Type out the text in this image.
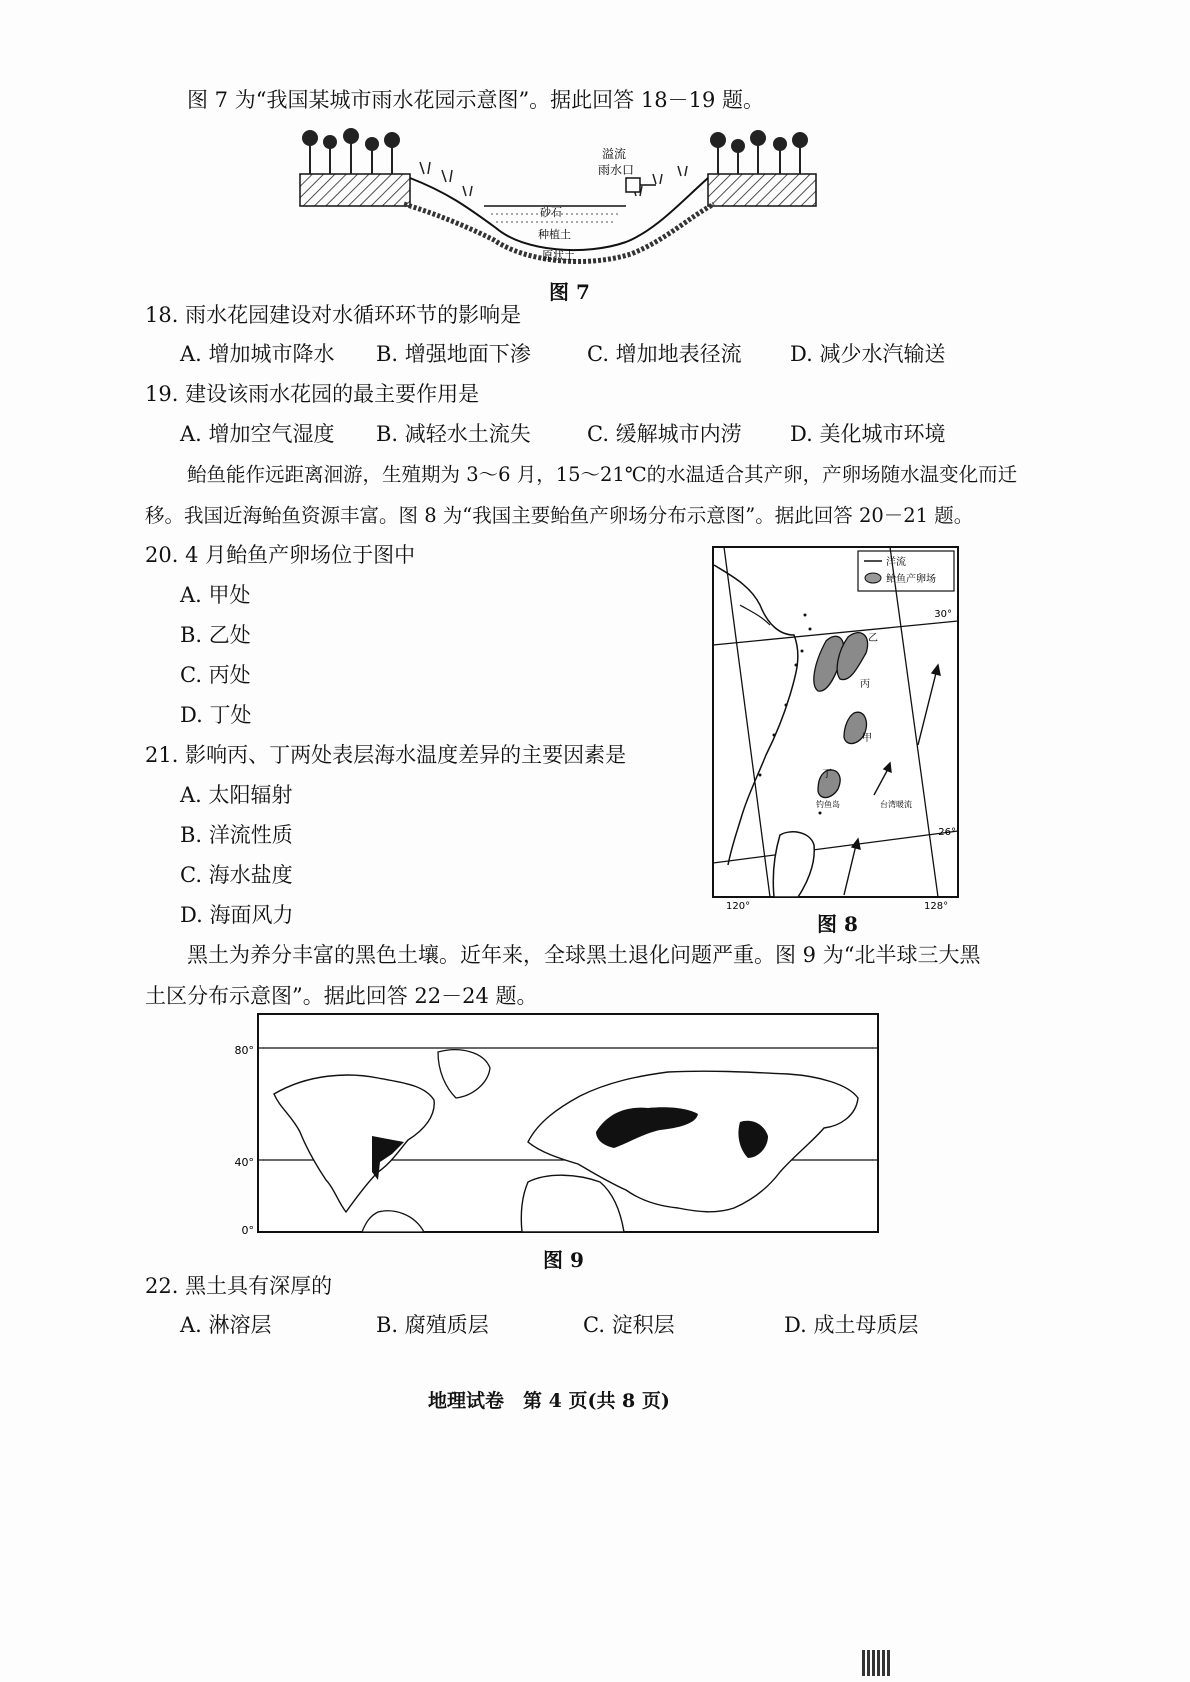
图 7 为“我国某城市雨水花园示意图”。据此回答 18－19 题。
溢流
雨水口
砂石
种植土
原状土
图 7
18. 雨水花园建设对水循环环节的影响是
A. 增加城市降水 B. 增强地面下渗	C. 增加地表径流 D. 减少水汽输送
19. 建设该雨水花园的最主要作用是
A. 增加空气湿度 B. 减轻水土流失	C. 缓解城市内涝 D. 美化城市环境
鲐鱼能作远距离洄游，生殖期为 3～6 月，15～21℃的水温适合其产卵，产卵场随水温变化而迁
移。我国近海鲐鱼资源丰富。图 8 为“我国主要鲐鱼产卵场分布示意图”。据此回答 20－21 题。
20. 4 月鲐鱼产卵场位于图中
A. 甲处
B. 乙处
C. 丙处
D. 丁处
21. 影响丙、丁两处表层海水温度差异的主要因素是
A. 太阳辐射
B. 洋流性质
C. 海水盐度
D. 海面风力
洋流
鲐鱼产卵场
30°
26°
120°	128°
乙
丙
甲
丁
钓鱼岛	台湾暖流
图 8
黑土为养分丰富的黑色土壤。近年来，全球黑土退化问题严重。图 9 为“北半球三大黑
土区分布示意图”。据此回答 22－24 题。
80°
40°
0°
图 9
22. 黑土具有深厚的
A. 淋溶层	B. 腐殖质层	C. 淀积层	D. 成土母质层
地理试卷　第 4 页(共 8 页)
